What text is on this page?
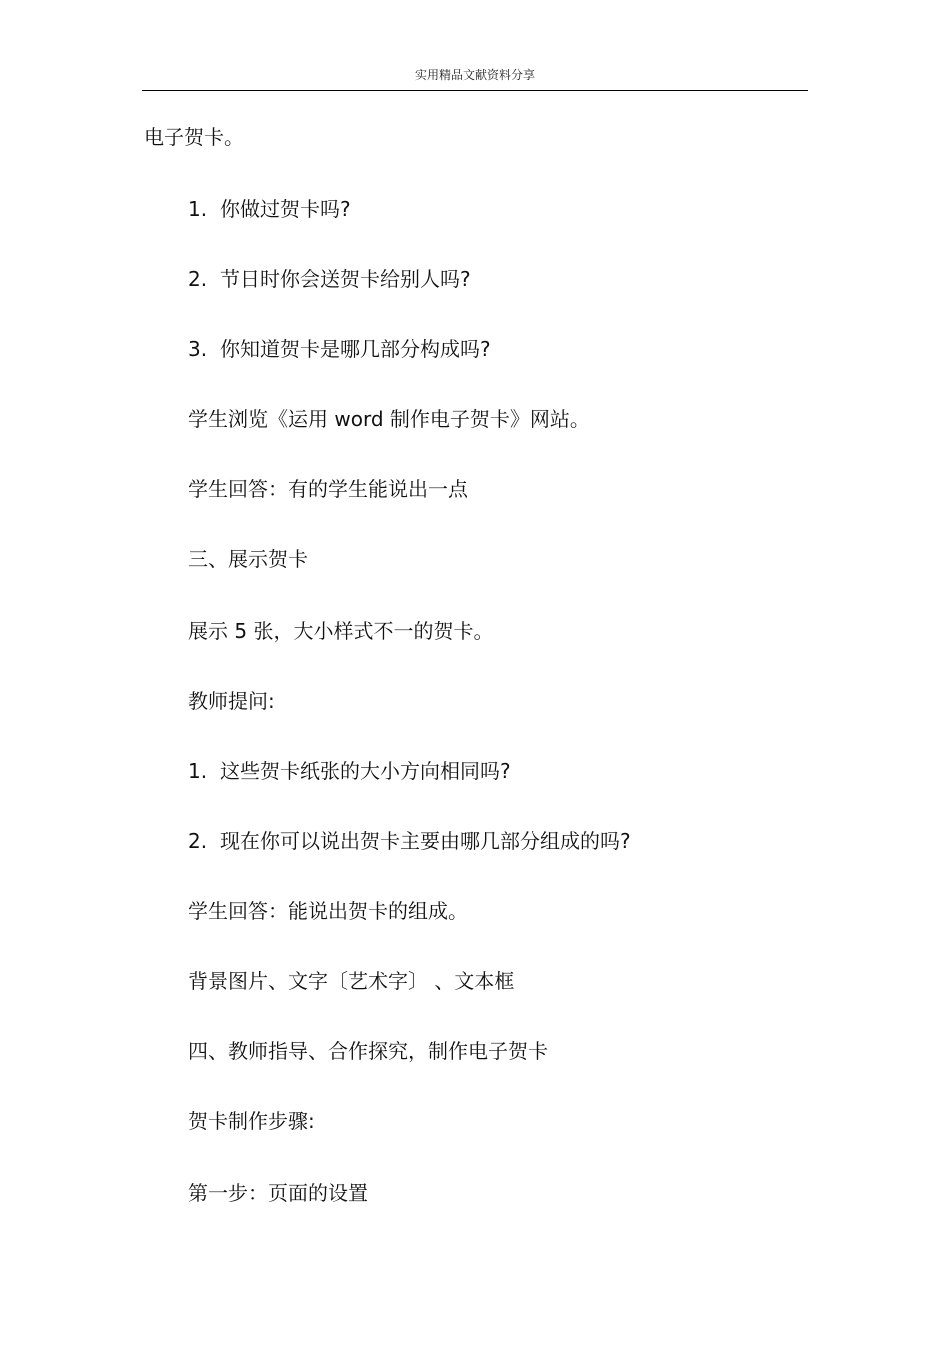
实用精品文献资料分享
电子贺卡。
1. 你做过贺卡吗?
2. 节日时你会送贺卡给别人吗?
3. 你知道贺卡是哪几部分构成吗?
学生浏览《运用 word 制作电子贺卡》网站。
学生回答：有的学生能说出一点
三、展示贺卡
展示 5 张，大小样式不一的贺卡。
教师提问:
1. 这些贺卡纸张的大小方向相同吗?
2. 现在你可以说出贺卡主要由哪几部分组成的吗?
学生回答：能说出贺卡的组成。
背景图片、文字〔艺术字〕 、文本框
四、教师指导、合作探究，制作电子贺卡
贺卡制作步骤:
第一步：页面的设置
